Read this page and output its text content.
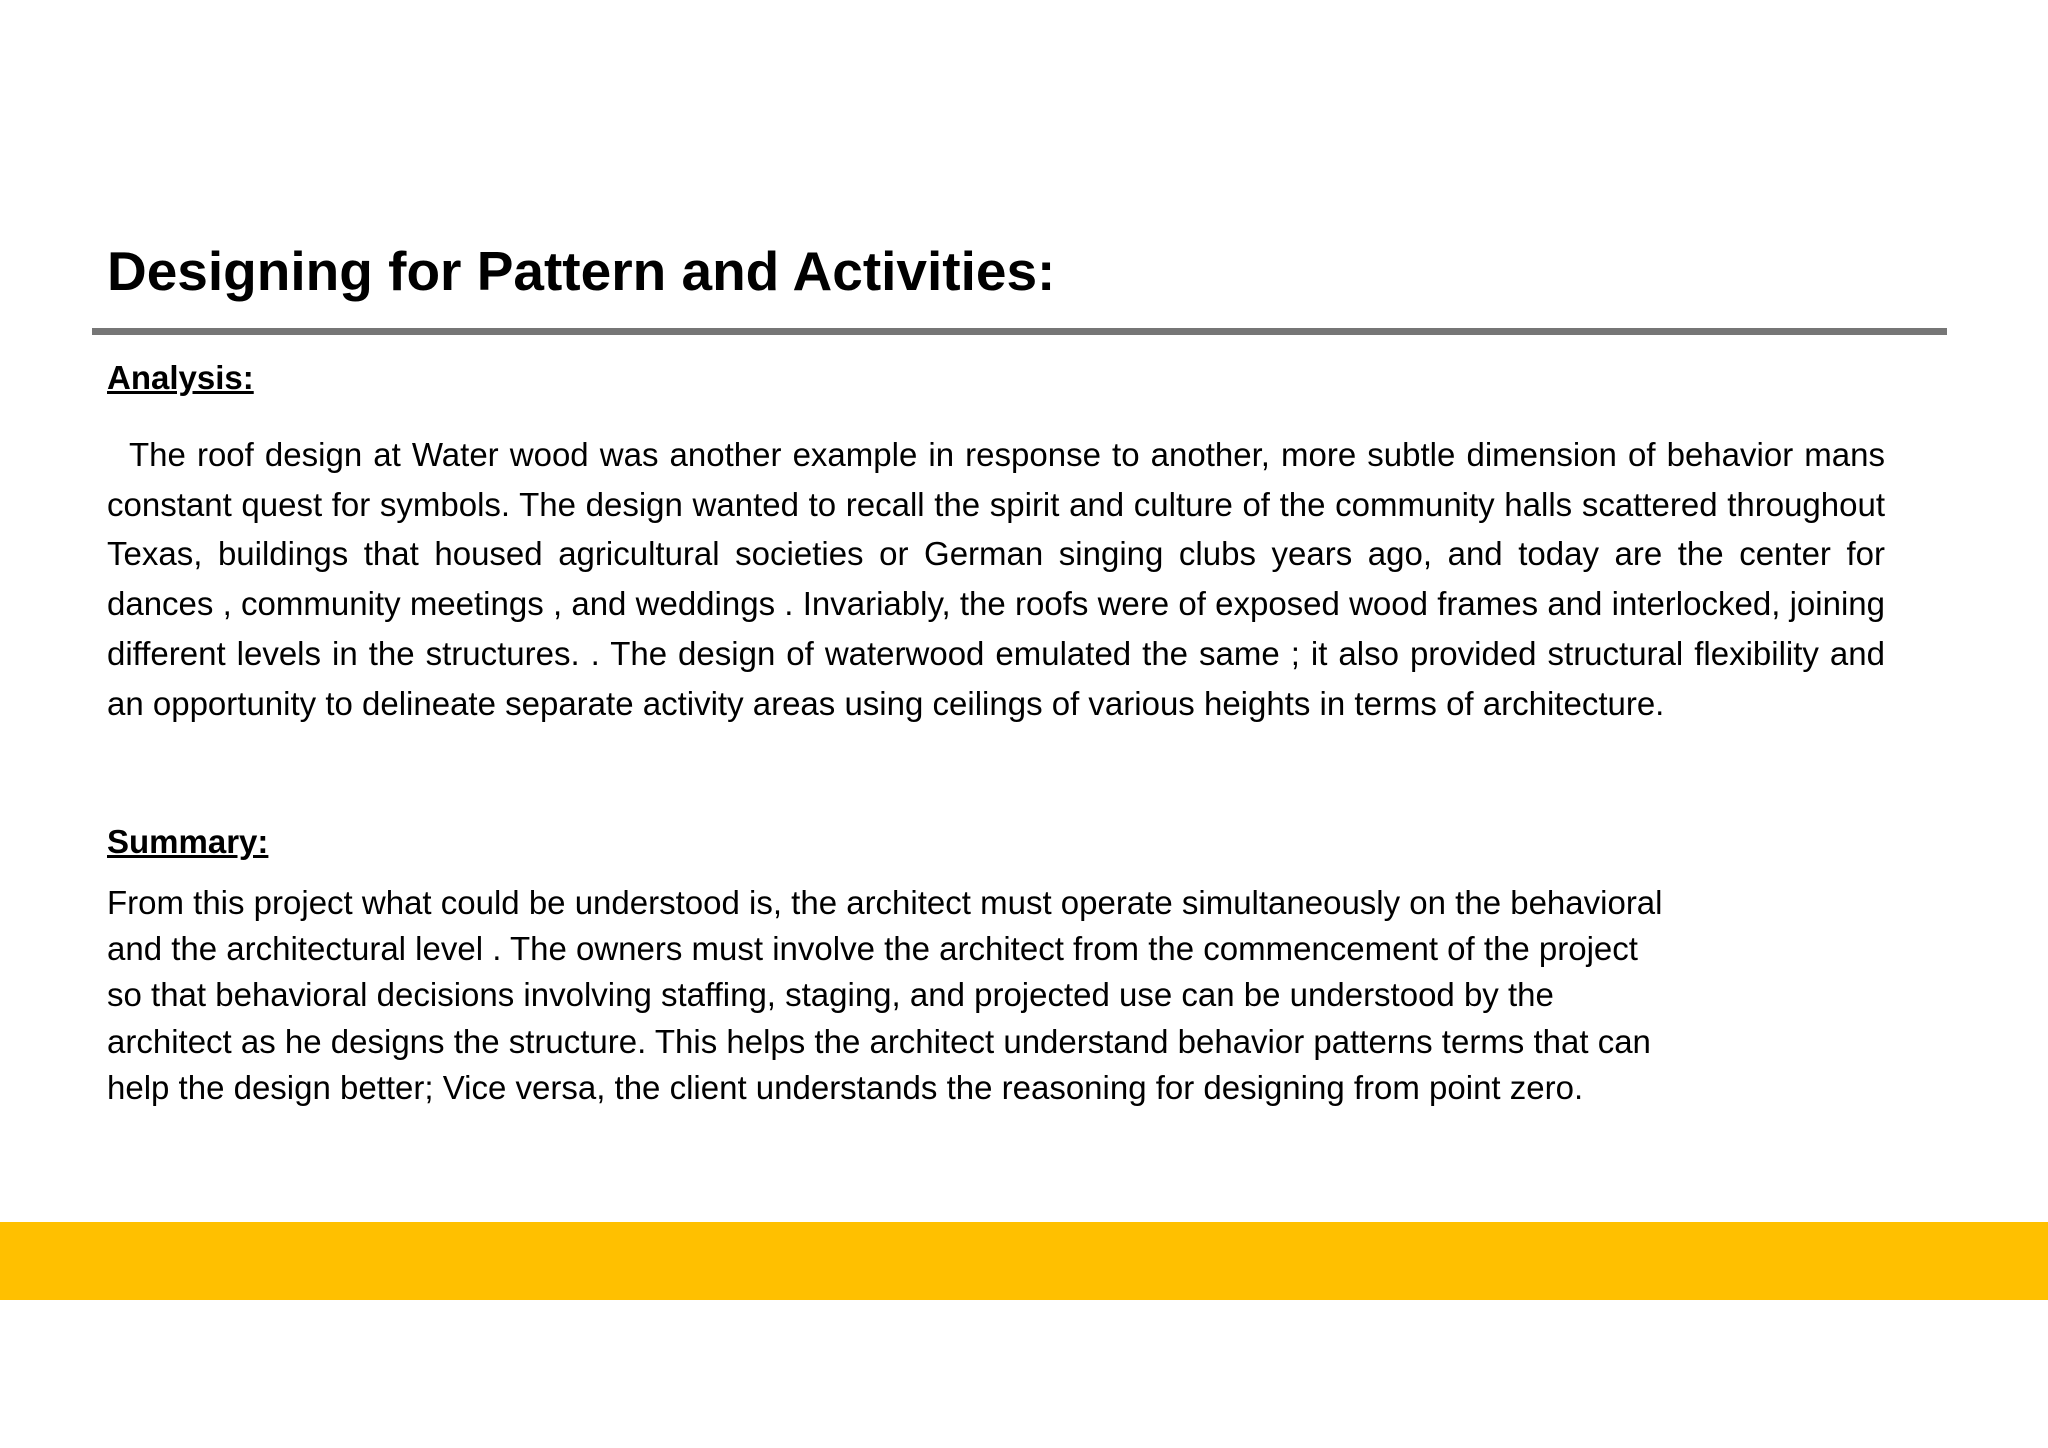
Designing for Pattern and Activities:
Analysis:

The roof design at Water wood was another example in response to another, more subtle dimension of behavior mans constant quest for symbols. The design wanted to recall the spirit and culture of the community halls scattered throughout Texas, buildings that housed agricultural societies or German singing clubs years ago, and today are the center for dances , community meetings , and weddings . Invariably, the roofs were of exposed wood frames and interlocked, joining different levels in the structures. . The design of waterwood emulated the same ; it also provided structural flexibility and an opportunity to delineate separate activity areas using ceilings of various heights in terms of architecture.

Summary:

From this project what could be understood is, the architect must operate simultaneously on the behavioral
and the architectural level . The owners must involve the architect from the commencement of the project
so that behavioral decisions involving staffing, staging, and projected use can be understood by the
architect as he designs the structure. This helps the architect understand behavior patterns terms that can
help the design better; Vice versa, the client understands the reasoning for designing from point zero.
